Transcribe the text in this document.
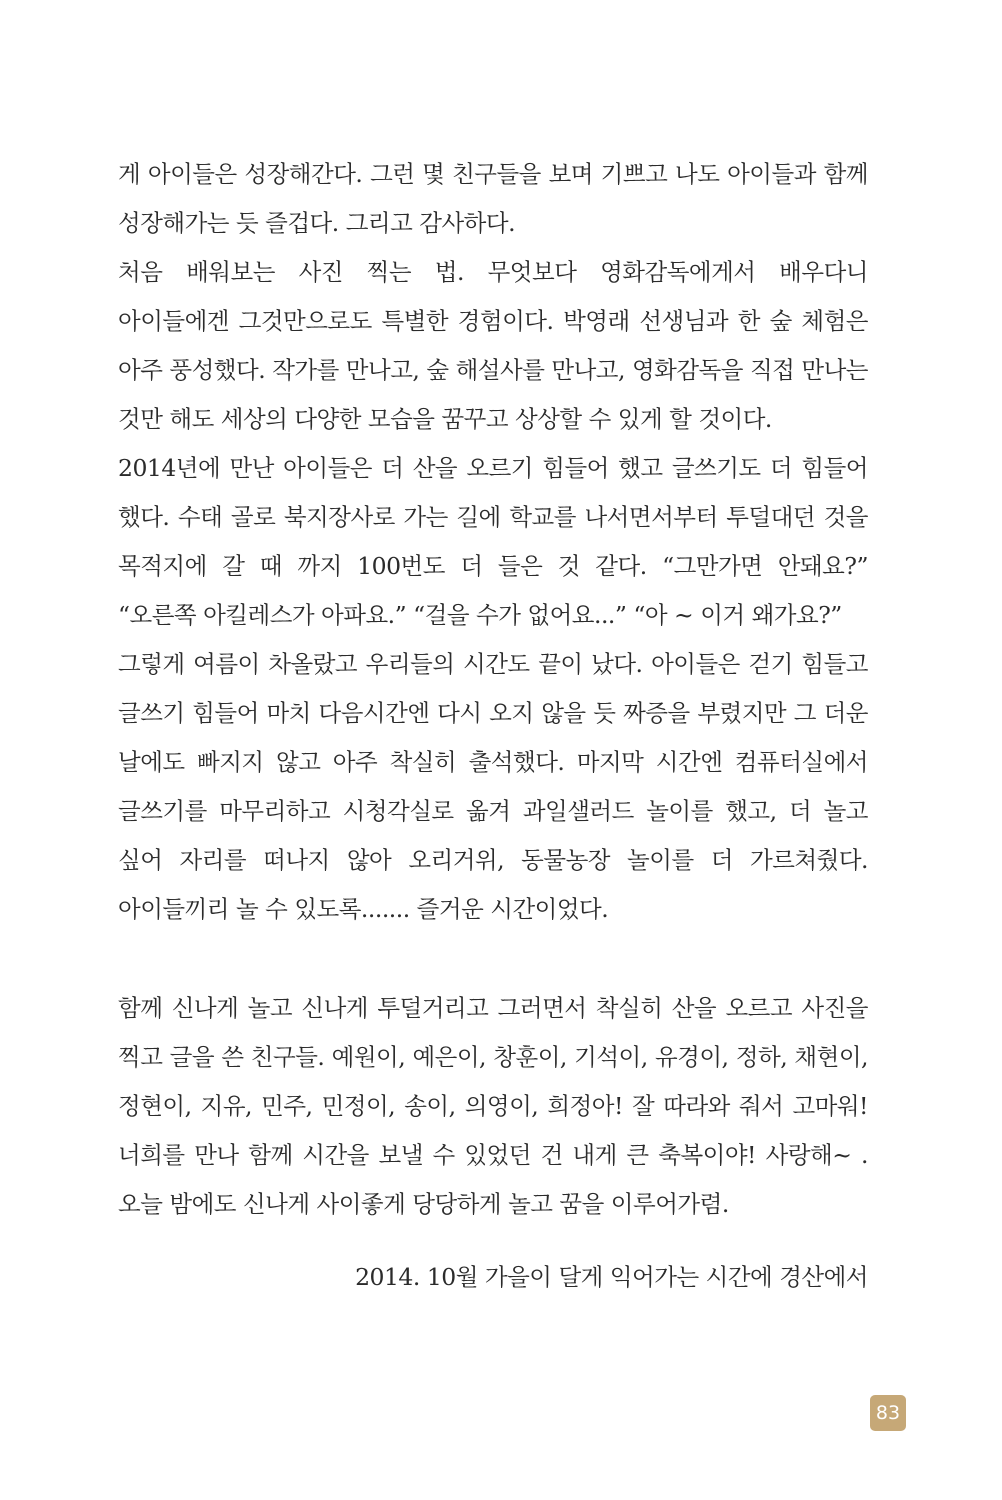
게 아이들은 성장해간다. 그런 몇 친구들을 보며 기쁘고 나도 아이들과 함께 성장해가는 듯 즐겁다. 그리고 감사하다.

처음 배워보는 사진 찍는 법. 무엇보다 영화감독에게서 배우다니 아이들에겐 그것만으로도 특별한 경험이다. 박영래 선생님과 한 숲 체험은 아주 풍성했다. 작가를 만나고, 숲 해설사를 만나고, 영화감독을 직접 만나는 것만 해도 세상의 다양한 모습을 꿈꾸고 상상할 수 있게 할 것이다.

2014년에 만난 아이들은 더 산을 오르기 힘들어 했고 글쓰기도 더 힘들어 했다. 수태 골로 북지장사로 가는 길에 학교를 나서면서부터 투덜대던 것을 목적지에 갈 때 까지 100번도 더 들은 것 같다. “그만가면 안돼요?” “오른쪽 아킬레스가 아파요.” “걸을 수가 없어요...” “아 ~ 이거 왜가요?”

그렇게 여름이 차올랐고 우리들의 시간도 끝이 났다. 아이들은 걷기 힘들고 글쓰기 힘들어 마치 다음시간엔 다시 오지 않을 듯 짜증을 부렸지만 그 더운 날에도 빠지지 않고 아주 착실히 출석했다. 마지막 시간엔 컴퓨터실에서 글쓰기를 마무리하고 시청각실로 옮겨 과일샐러드 놀이를 했고, 더 놀고 싶어 자리를 떠나지 않아 오리거위, 동물농장 놀이를 더 가르쳐줬다. 아이들끼리 놀 수 있도록....... 즐거운 시간이었다.

함께 신나게 놀고 신나게 투덜거리고 그러면서 착실히 산을 오르고 사진을 찍고 글을 쓴 친구들. 예원이, 예은이, 창훈이, 기석이, 유경이, 정하, 채현이, 정현이, 지유, 민주, 민정이, 송이, 의영이, 희정아! 잘 따라와 줘서 고마워! 너희를 만나 함께 시간을 보낼 수 있었던 건 내게 큰 축복이야! 사랑해~ . 오늘 밤에도 신나게 사이좋게 당당하게 놀고 꿈을 이루어가렴.

2014. 10월 가을이 달게 익어가는 시간에 경산에서
83
